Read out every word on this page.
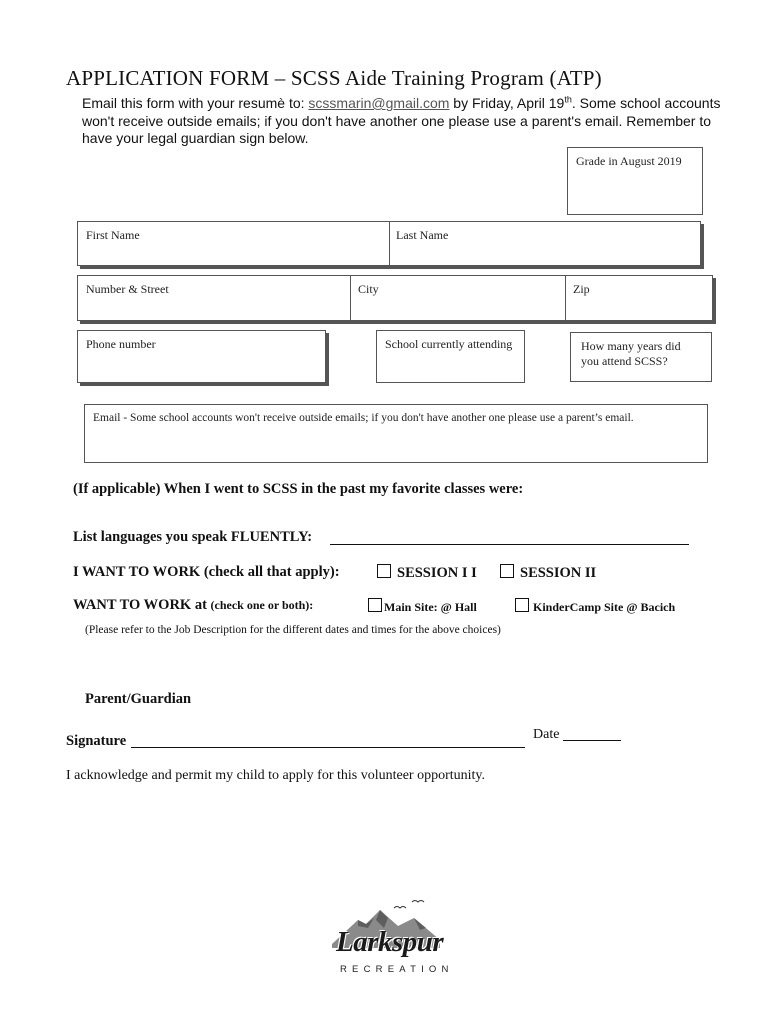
APPLICATION FORM – SCSS Aide Training Program (ATP)
Email this form with your resumè to: scssmarin@gmail.com by Friday, April 19th. Some school accounts won't receive outside emails; if you don't have another one please use a parent's email. Remember to have your legal guardian sign below.
Grade in August 2019
First Name	Last Name
Number & Street	City	Zip
Phone number	School currently attending	How many years did you attend SCSS?
Email - Some school accounts won't receive outside emails; if you don't have another one please use a parent’s email.
(If applicable) When I went to SCSS in the past my favorite classes were:
List languages you speak FLUENTLY:
I WANT TO WORK (check all that apply):	SESSION I I	SESSION II
WANT TO WORK at (check one or both):	Main Site: @ Hall	KinderCamp Site @ Bacich
(Please refer to the Job Description for the different dates and times for the above choices)
Parent/Guardian
Signature	Date
I acknowledge and permit my child to apply for this volunteer opportunity.
Larkspur
RECREATION
